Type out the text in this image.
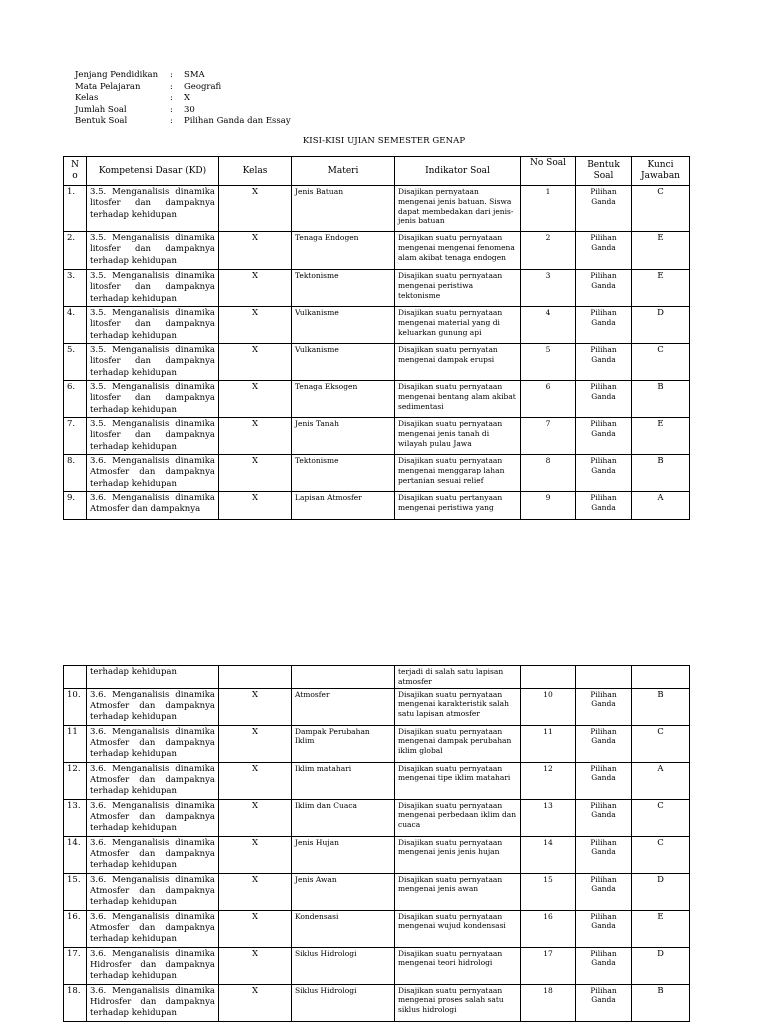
Jenjang Pendidikan	:	SMA
Mata Pelajaran	:	Geografi
Kelas	:	X
Jumlah Soal	:	30
Bentuk Soal	:	Pilihan Ganda dan Essay
KISI-KISI UJIAN SEMESTER GENAP
N o	Kompetensi Dasar (KD)	Kelas	Materi	Indikator Soal	No Soal	Bentuk Soal	Kunci Jawaban
1.	3.5. Menganalisis dinamika litosfer dan dampaknya terhadap kehidupan	X	Jenis Batuan	Disajikan pernyataan mengenai jenis batuan. Siswa dapat membedakan dari jenis-jenis batuan	1	Pilihan Ganda	C
2.	3.5. Menganalisis dinamika litosfer dan dampaknya terhadap kehidupan	X	Tenaga Endogen	Disajikan suatu pernyataan mengenai mengenai fenomena alam akibat tenaga endogen	2	Pilihan Ganda	E
3.	3.5. Menganalisis dinamika litosfer dan dampaknya terhadap kehidupan	X	Tektonisme	Disajikan suatu pernyataan mengenai peristiwa tektonisme	3	Pilihan Ganda	E
4.	3.5. Menganalisis dinamika litosfer dan dampaknya terhadap kehidupan	X	Vulkanisme	Disajikan suatu pernyataan mengenai material yang di keluarkan gunung api	4	Pilihan Ganda	D
5.	3.5. Menganalisis dinamika litosfer dan dampaknya terhadap kehidupan	X	Vulkanisme	Disajikan suatu pernyatan mengenai dampak erupsi	5	Pilihan Ganda	C
6.	3.5. Menganalisis dinamika litosfer dan dampaknya terhadap kehidupan	X	Tenaga Eksogen	Disajikan suatu pernyataan mengenai bentang alam akibat sedimentasi	6	Pilihan Ganda	B
7.	3.5. Menganalisis dinamika litosfer dan dampaknya terhadap kehidupan	X	Jenis Tanah	Disajikan suatu pernyataan mengenai jenis tanah di wilayah pulau Jawa	7	Pilihan Ganda	E
8.	3.6. Menganalisis dinamika Atmosfer dan dampaknya terhadap kehidupan	X	Tektonisme	Disajikan suatu pernyataan mengenai menggarap lahan pertanian sesuai relief	8	Pilihan Ganda	B
9.	3.6. Menganalisis dinamika Atmosfer dan dampaknya	X	Lapisan Atmosfer	Disajikan suatu pertanyaan mengenai peristiwa yang	9	Pilihan Ganda	A
	terhadap kehidupan			terjadi di salah satu lapisan atmosfer			
10.	3.6. Menganalisis dinamika Atmosfer dan dampaknya terhadap kehidupan	X	Atmosfer	Disajikan suatu pernyataan mengenai karakteristik salah satu lapisan atmosfer	10	Pilihan Ganda	B
11	3.6. Menganalisis dinamika Atmosfer dan dampaknya terhadap kehidupan	X	Dampak Perubahan Iklim	Disajikan suatu pernyataan mengenai dampak perubahan iklim global	11	Pilihan Ganda	C
12.	3.6. Menganalisis dinamika Atmosfer dan dampaknya terhadap kehidupan	X	Iklim matahari	Disajikan suatu pernyataan mengenai tipe iklim matahari	12	Pilihan Ganda	A
13.	3.6. Menganalisis dinamika Atmosfer dan dampaknya terhadap kehidupan	X	Iklim dan Cuaca	Disajikan suatu pernyataan mengenai perbedaan iklim dan cuaca	13	Pilihan Ganda	C
14.	3.6. Menganalisis dinamika Atmosfer dan dampaknya terhadap kehidupan	X	Jenis Hujan	Disajikan suatu pernyataan mengenai jenis jenis hujan	14	Pilihan Ganda	C
15.	3.6. Menganalisis dinamika Atmosfer dan dampaknya terhadap kehidupan	X	Jenis Awan	Disajikan suatu pernyataan mengenai jenis awan	15	Pilihan Ganda	D
16.	3.6. Menganalisis dinamika Atmosfer dan dampaknya terhadap kehidupan	X	Kondensasi	Disajikan suatu pernyataan mengenai wujud kondensasi	16	Pilihan Ganda	E
17.	3.6. Menganalisis dinamika Hidrosfer dan dampaknya terhadap kehidupan	X	Siklus Hidrologi	Disajikan suatu pernyataan mengenai teori hidrologi	17	Pilihan Ganda	D
18.	3.6. Menganalisis dinamika Hidrosfer dan dampaknya terhadap kehidupan	X	Siklus Hidrologi	Disajikan suatu pernyataan mengenai proses salah satu siklus hidrologi	18	Pilihan Ganda	B
